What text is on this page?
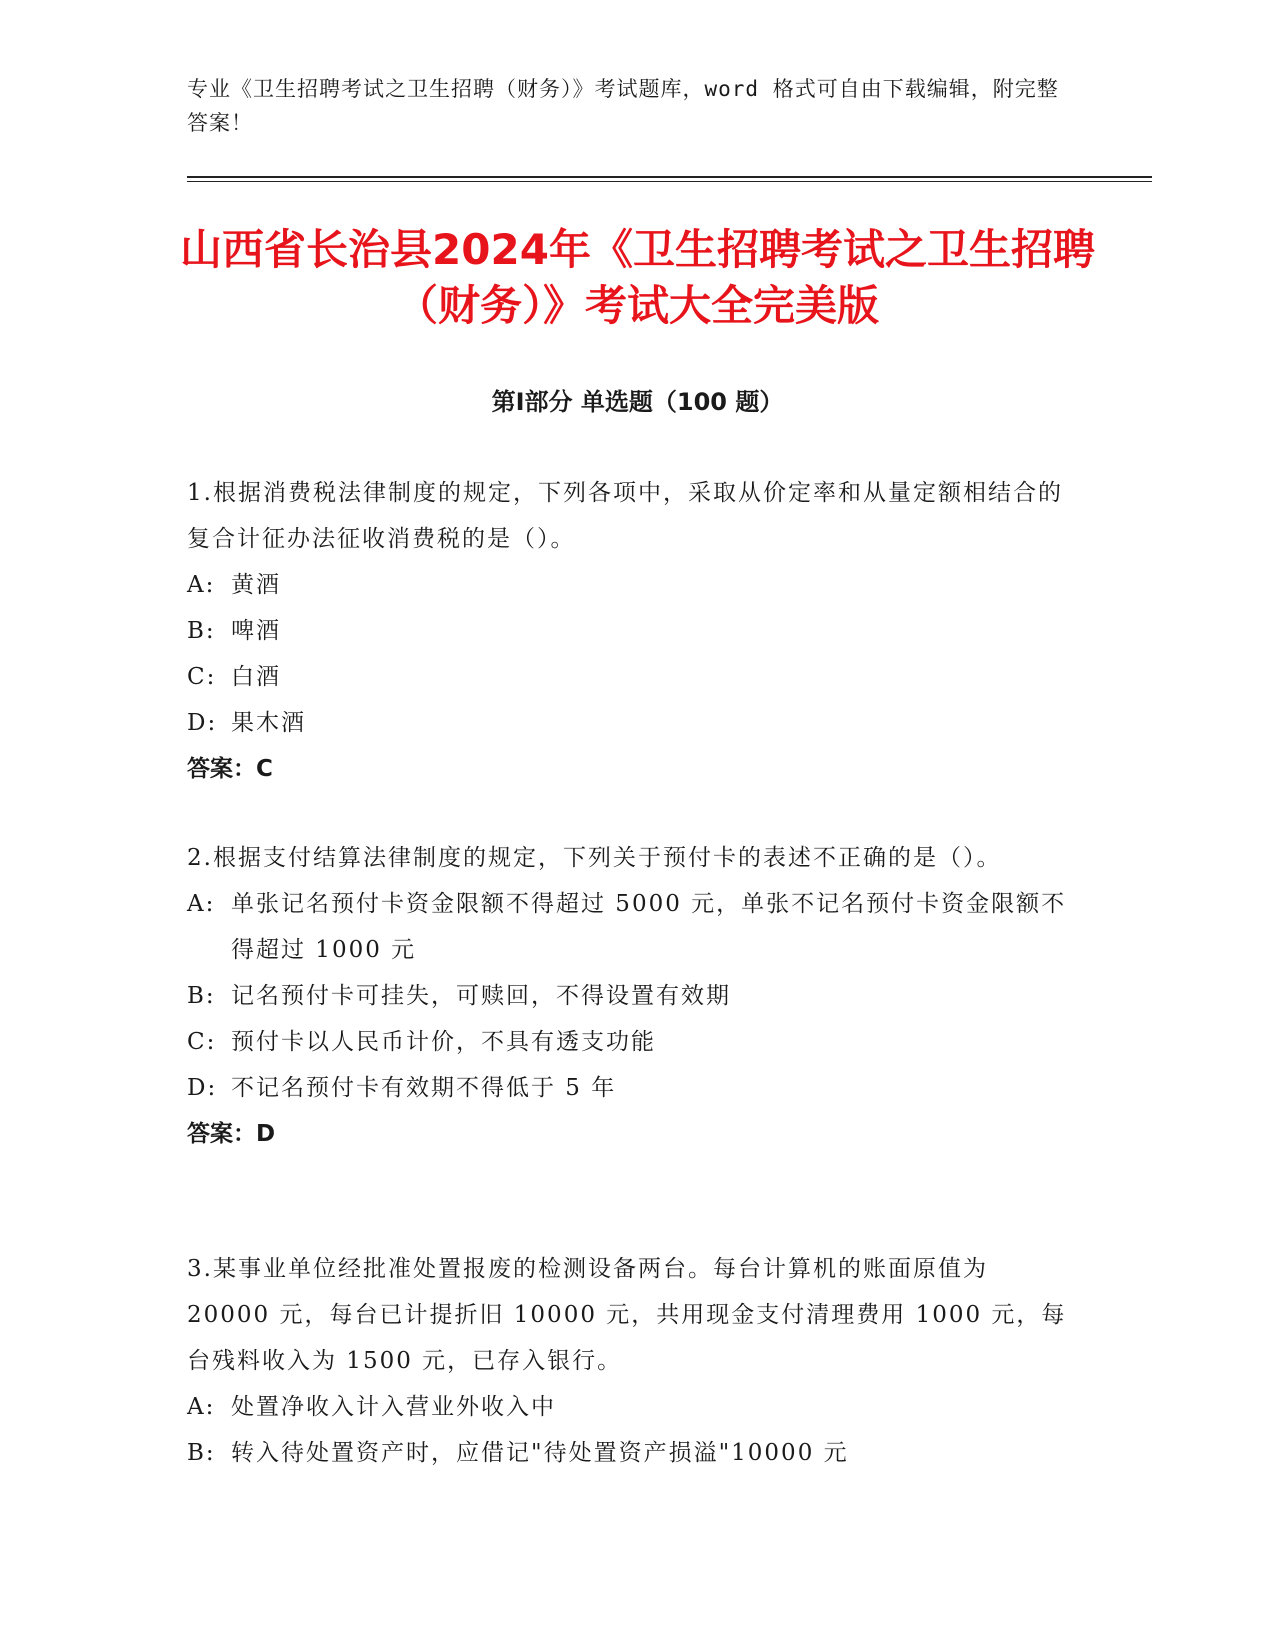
专业《卫生招聘考试之卫生招聘（财务）》考试题库，word 格式可自由下载编辑，附完整答案！
山西省长治县2024年《卫生招聘考试之卫生招聘（财务）》考试大全完美版
第Ⅰ部分 单选题（100 题）

1.根据消费税法律制度的规定，下列各项中，采取从价定率和从量定额相结合的复合计征办法征收消费税的是（）。

A: 黄酒
B: 啤酒
C: 白酒
D: 果木酒

答案：C

2.根据支付结算法律制度的规定，下列关于预付卡的表述不正确的是（）。

A: 单张记名预付卡资金限额不得超过 5000 元，单张不记名预付卡资金限额不得超过 1000 元
B: 记名预付卡可挂失，可赎回，不得设置有效期
C: 预付卡以人民币计价，不具有透支功能
D: 不记名预付卡有效期不得低于 5 年

答案：D

3.某事业单位经批准处置报废的检测设备两台。每台计算机的账面原值为 20000 元，每台已计提折旧 10000 元，共用现金支付清理费用 1000 元，每台残料收入为 1500 元，已存入银行。

A: 处置净收入计入营业外收入中
B: 转入待处置资产时，应借记"待处置资产损溢"10000 元
